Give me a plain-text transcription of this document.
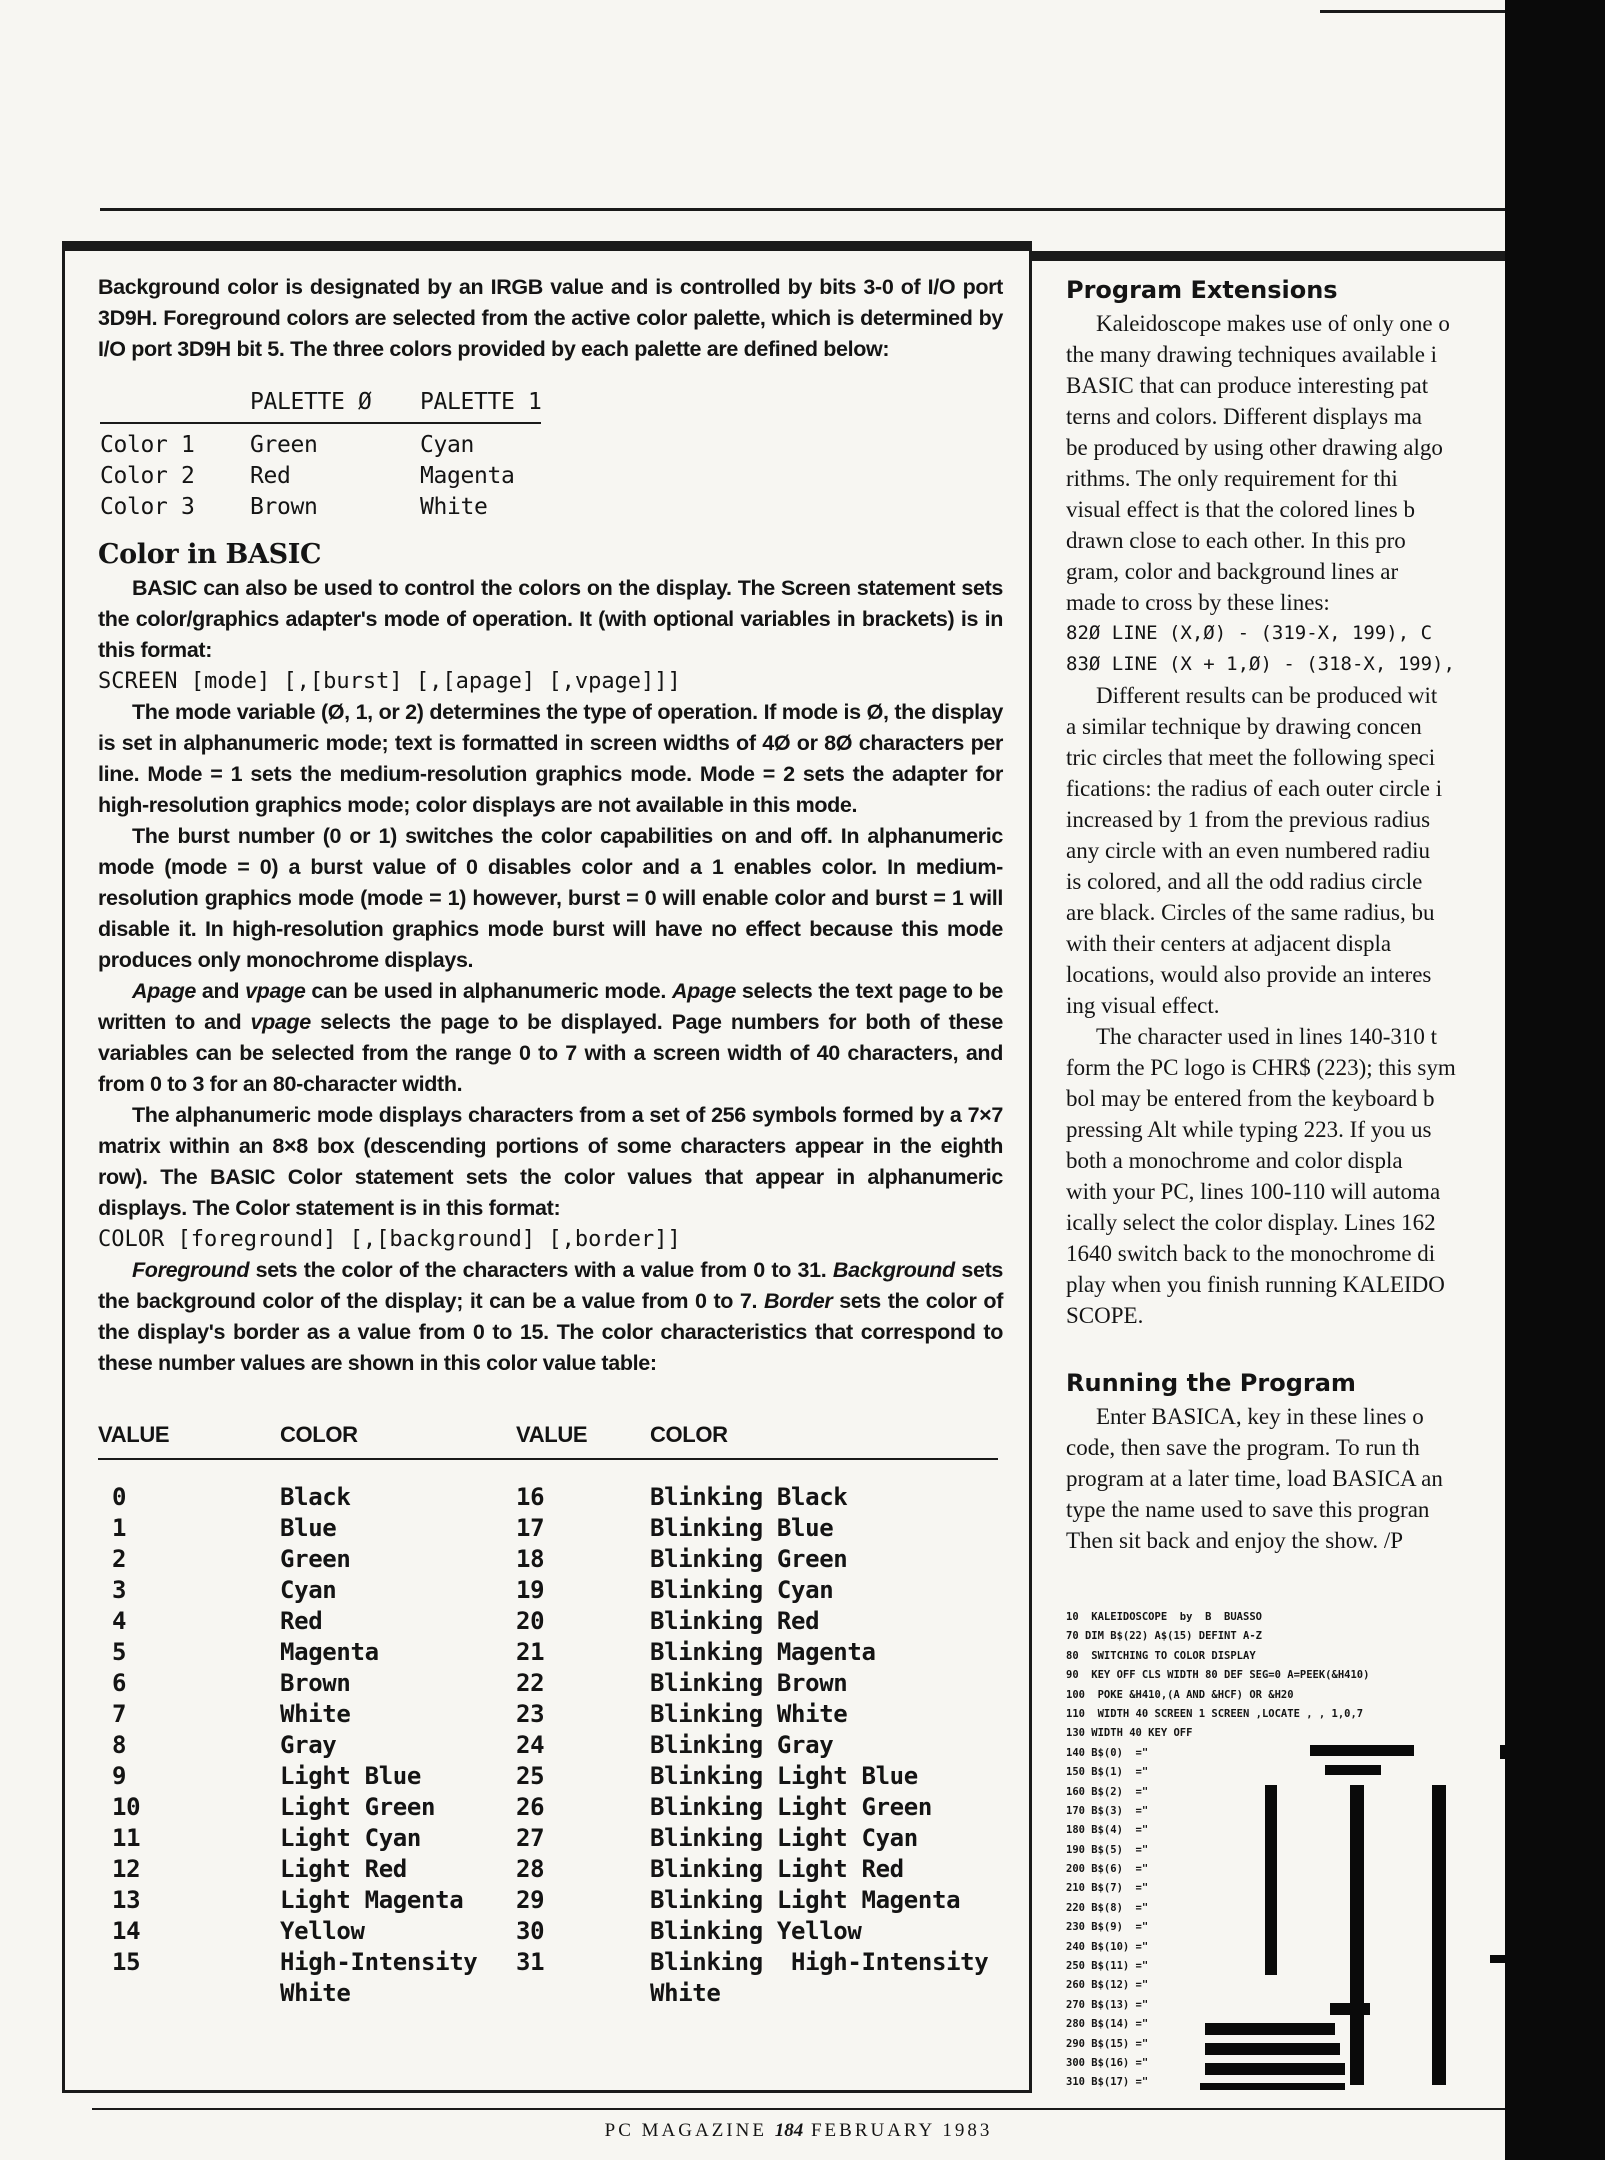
Background color is designated by an IRGB value and is controlled by bits 3-0 of I/O port 3D9H. Foreground colors are selected from the active color palette, which is determined by I/O port 3D9H bit 5. The three colors provided by each palette are defined below:

	PALETTE Ø	PALETTE 1
Color 1	Green	Cyan
Color 2	Red	Magenta
Color 3	Brown	White
Color in BASIC

BASIC can also be used to control the colors on the display. The Screen statement sets the color/graphics adapter's mode of operation. It (with optional variables in brackets) is in this format:

SCREEN [mode] [,[burst] [,[apage] [,vpage]]]

The mode variable (Ø, 1, or 2) determines the type of operation. If mode is Ø, the display is set in alphanumeric mode; text is formatted in screen widths of 4Ø or 8Ø characters per line. Mode = 1 sets the medium-resolution graphics mode. Mode = 2 sets the adapter for high-resolution graphics mode; color displays are not available in this mode.

The burst number (0 or 1) switches the color capabilities on and off. In alphanumeric mode (mode = 0) a burst value of 0 disables color and a 1 enables color. In medium-resolution graphics mode (mode = 1) however, burst = 0 will enable color and burst = 1 will disable it. In high-resolution graphics mode burst will have no effect because this mode produces only monochrome displays.

Apage and vpage can be used in alphanumeric mode. Apage selects the text page to be written to and vpage selects the page to be displayed. Page numbers for both of these variables can be selected from the range 0 to 7 with a screen width of 40 characters, and from 0 to 3 for an 80-character width.

The alphanumeric mode displays characters from a set of 256 symbols formed by a 7×7 matrix within an 8×8 box (descending portions of some characters appear in the eighth row). The BASIC Color statement sets the color values that appear in alphanumeric displays. The Color statement is in this format:

COLOR [foreground] [,[background] [,border]]

Foreground sets the color of the characters with a value from 0 to 31. Background sets the background color of the display; it can be a value from 0 to 7. Border sets the color of the display's border as a value from 0 to 15. The color characteristics that correspond to these number values are shown in this color value table:

VALUE	COLOR	VALUE	COLOR
0	Black	16	Blinking Black
1	Blue	17	Blinking Blue
2	Green	18	Blinking Green
3	Cyan	19	Blinking Cyan
4	Red	20	Blinking Red
5	Magenta	21	Blinking Magenta
6	Brown	22	Blinking Brown
7	White	23	Blinking White
8	Gray	24	Blinking Gray
9	Light Blue	25	Blinking Light Blue
10	Light Green	26	Blinking Light Green
11	Light Cyan	27	Blinking Light Cyan
12	Light Red	28	Blinking Light Red
13	Light Magenta	29	Blinking Light Magenta
14	Yellow	30	Blinking Yellow
15	High-Intensity	31	Blinking  High-Intensity
	White		White
Program Extensions

Kaleidoscope makes use of only one o

the many drawing techniques available i

BASIC that can produce interesting pat

terns and colors. Different displays ma

be produced by using other drawing algo

rithms. The only requirement for thi

visual effect is that the colored lines b

drawn close to each other. In this pro

gram, color and background lines ar

made to cross by these lines:

82Ø LINE (X,Ø) - (319-X, 199), C

83Ø LINE (X + 1,Ø) - (318-X, 199),

Different results can be produced wit

a similar technique by drawing concen

tric circles that meet the following speci

fications: the radius of each outer circle i

increased by 1 from the previous radius

any circle with an even numbered radiu

is colored, and all the odd radius circle

are black. Circles of the same radius, bu

with their centers at adjacent displa

locations, would also provide an interes

ing visual effect.

The character used in lines 140-310 t

form the PC logo is CHR$ (223); this sym

bol may be entered from the keyboard b

pressing Alt while typing 223. If you us

both a monochrome and color displa

with your PC, lines 100-110 will automa

ically select the color display. Lines 162

1640 switch back to the monochrome di

play when you finish running KALEIDO

SCOPE.

Running the Program

Enter BASICA, key in these lines o

code, then save the program. To run th

program at a later time, load BASICA an

type the name used to save this progran

Then sit back and enjoy the show. /P

10  KALEIDOSCOPE  by  B  BUASSO
70 DIM B$(22) A$(15) DEFINT A-Z
80  SWITCHING TO COLOR DISPLAY
90  KEY OFF CLS WIDTH 80 DEF SEG=0 A=PEEK(&H410)
100  POKE &H410,(A AND &HCF) OR &H20
110  WIDTH 40 SCREEN 1 SCREEN ,LOCATE , , 1,0,7
130 WIDTH 40 KEY OFF
140 B$(0)  ="
150 B$(1)  ="
160 B$(2)  ="
170 B$(3)  ="
180 B$(4)  ="
190 B$(5)  ="
200 B$(6)  ="
210 B$(7)  ="
220 B$(8)  ="
230 B$(9)  ="
240 B$(10) ="
250 B$(11) ="
260 B$(12) ="
270 B$(13) ="
280 B$(14) ="
290 B$(15) ="
300 B$(16) ="
310 B$(17) ="
PC MAGAZINE 184 FEBRUARY 1983
